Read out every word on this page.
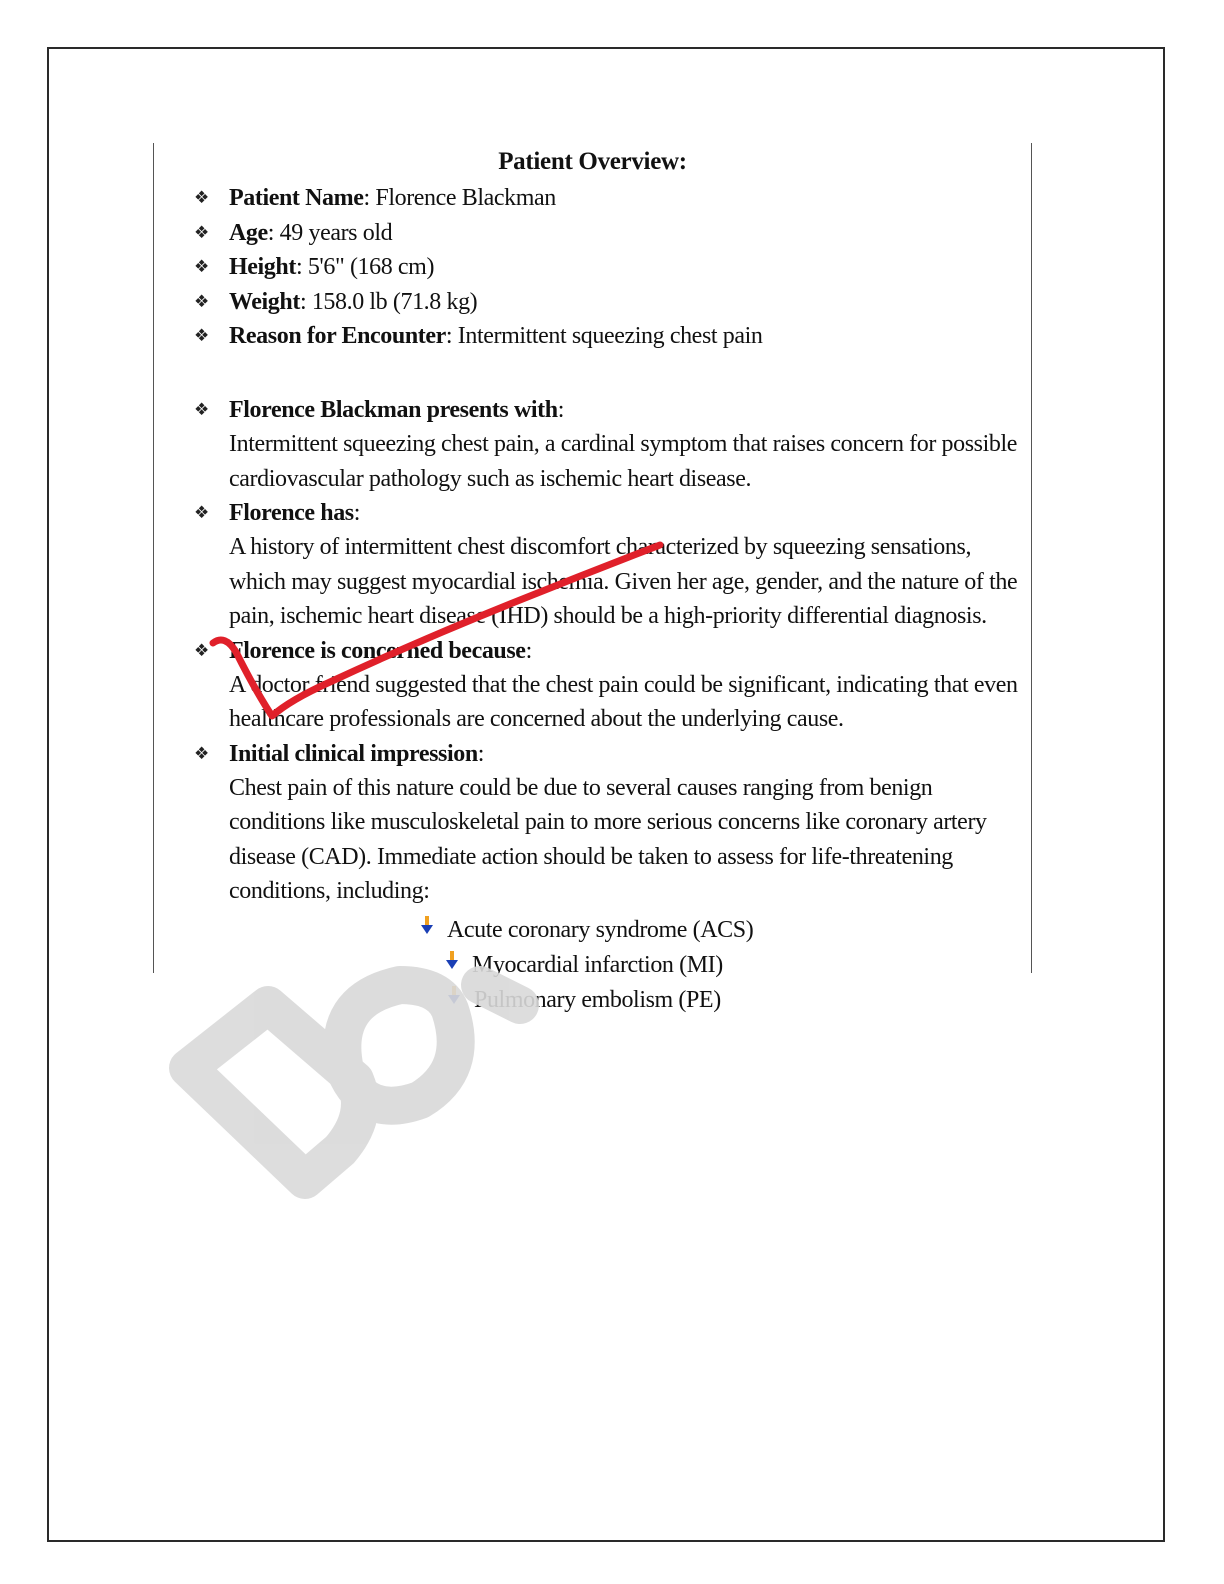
Patient Overview:
❖ Patient Name: Florence Blackman
❖ Age: 49 years old
❖ Height: 5'6" (168 cm)
❖ Weight: 158.0 lb (71.8 kg)
❖ Reason for Encounter: Intermittent squeezing chest pain
❖ Florence Blackman presents with:
Intermittent squeezing chest pain, a cardinal symptom that raises concern for possible cardiovascular pathology such as ischemic heart disease.
❖ Florence has:
A history of intermittent chest discomfort characterized by squeezing sensations, which may suggest myocardial ischemia. Given her age, gender, and the nature of the pain, ischemic heart disease (IHD) should be a high-priority differential diagnosis.
❖ Florence is concerned because:
A doctor friend suggested that the chest pain could be significant, indicating that even healthcare professionals are concerned about the underlying cause.
❖ Initial clinical impression:
Chest pain of this nature could be due to several causes ranging from benign conditions like musculoskeletal pain to more serious concerns like coronary artery disease (CAD). Immediate action should be taken to assess for life-threatening conditions, including:
Acute coronary syndrome (ACS)
Myocardial infarction (MI)
Pulmonary embolism (PE)
